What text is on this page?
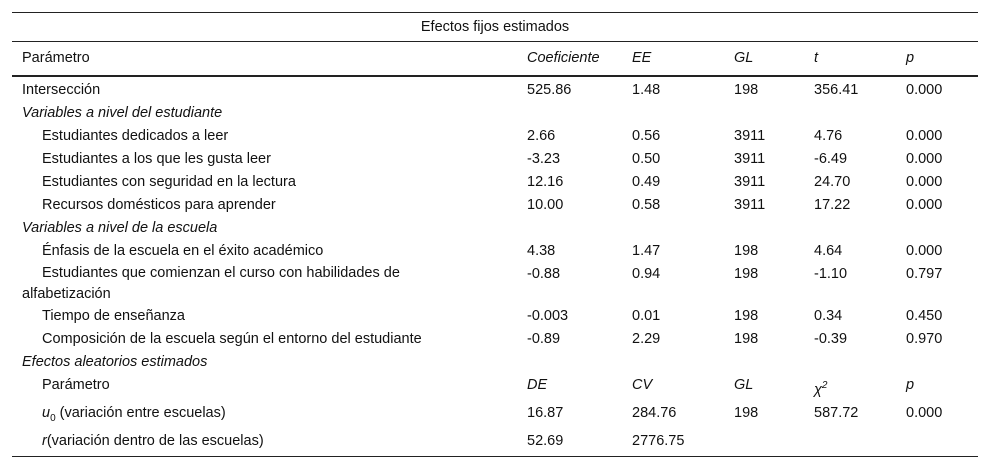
Efectos fijos estimados					
Parámetro	Coeficiente	EE	GL	t	p
Intersección	525.86	1.48	198	356.41	0.000
Variables a nivel del estudiante					
Estudiantes dedicados a leer	2.66	0.56	3911	4.76	0.000
Estudiantes a los que les gusta leer	-3.23	0.50	3911	-6.49	0.000
Estudiantes con seguridad en la lectura	12.16	0.49	3911	24.70	0.000
Recursos domésticos para aprender	10.00	0.58	3911	17.22	0.000
Variables a nivel de la escuela					
Énfasis de la escuela en el éxito académico	4.38	1.47	198	4.64	0.000
Estudiantes que comienzan el curso con habilidades de
alfabetización	-0.88	0.94	198	-1.10	0.797
Tiempo de enseñanza	-0.003	0.01	198	0.34	0.450
Composición de la escuela según el entorno del estudiante	-0.89	2.29	198	-0.39	0.970
Efectos aleatorios estimados					
Parámetro	DE	CV	GL	$\chi^2$	p
$u_0$ (variación entre escuelas)	16.87	284.76	198	587.72	0.000
r(variación dentro de las escuelas)	52.69	2776.75			
